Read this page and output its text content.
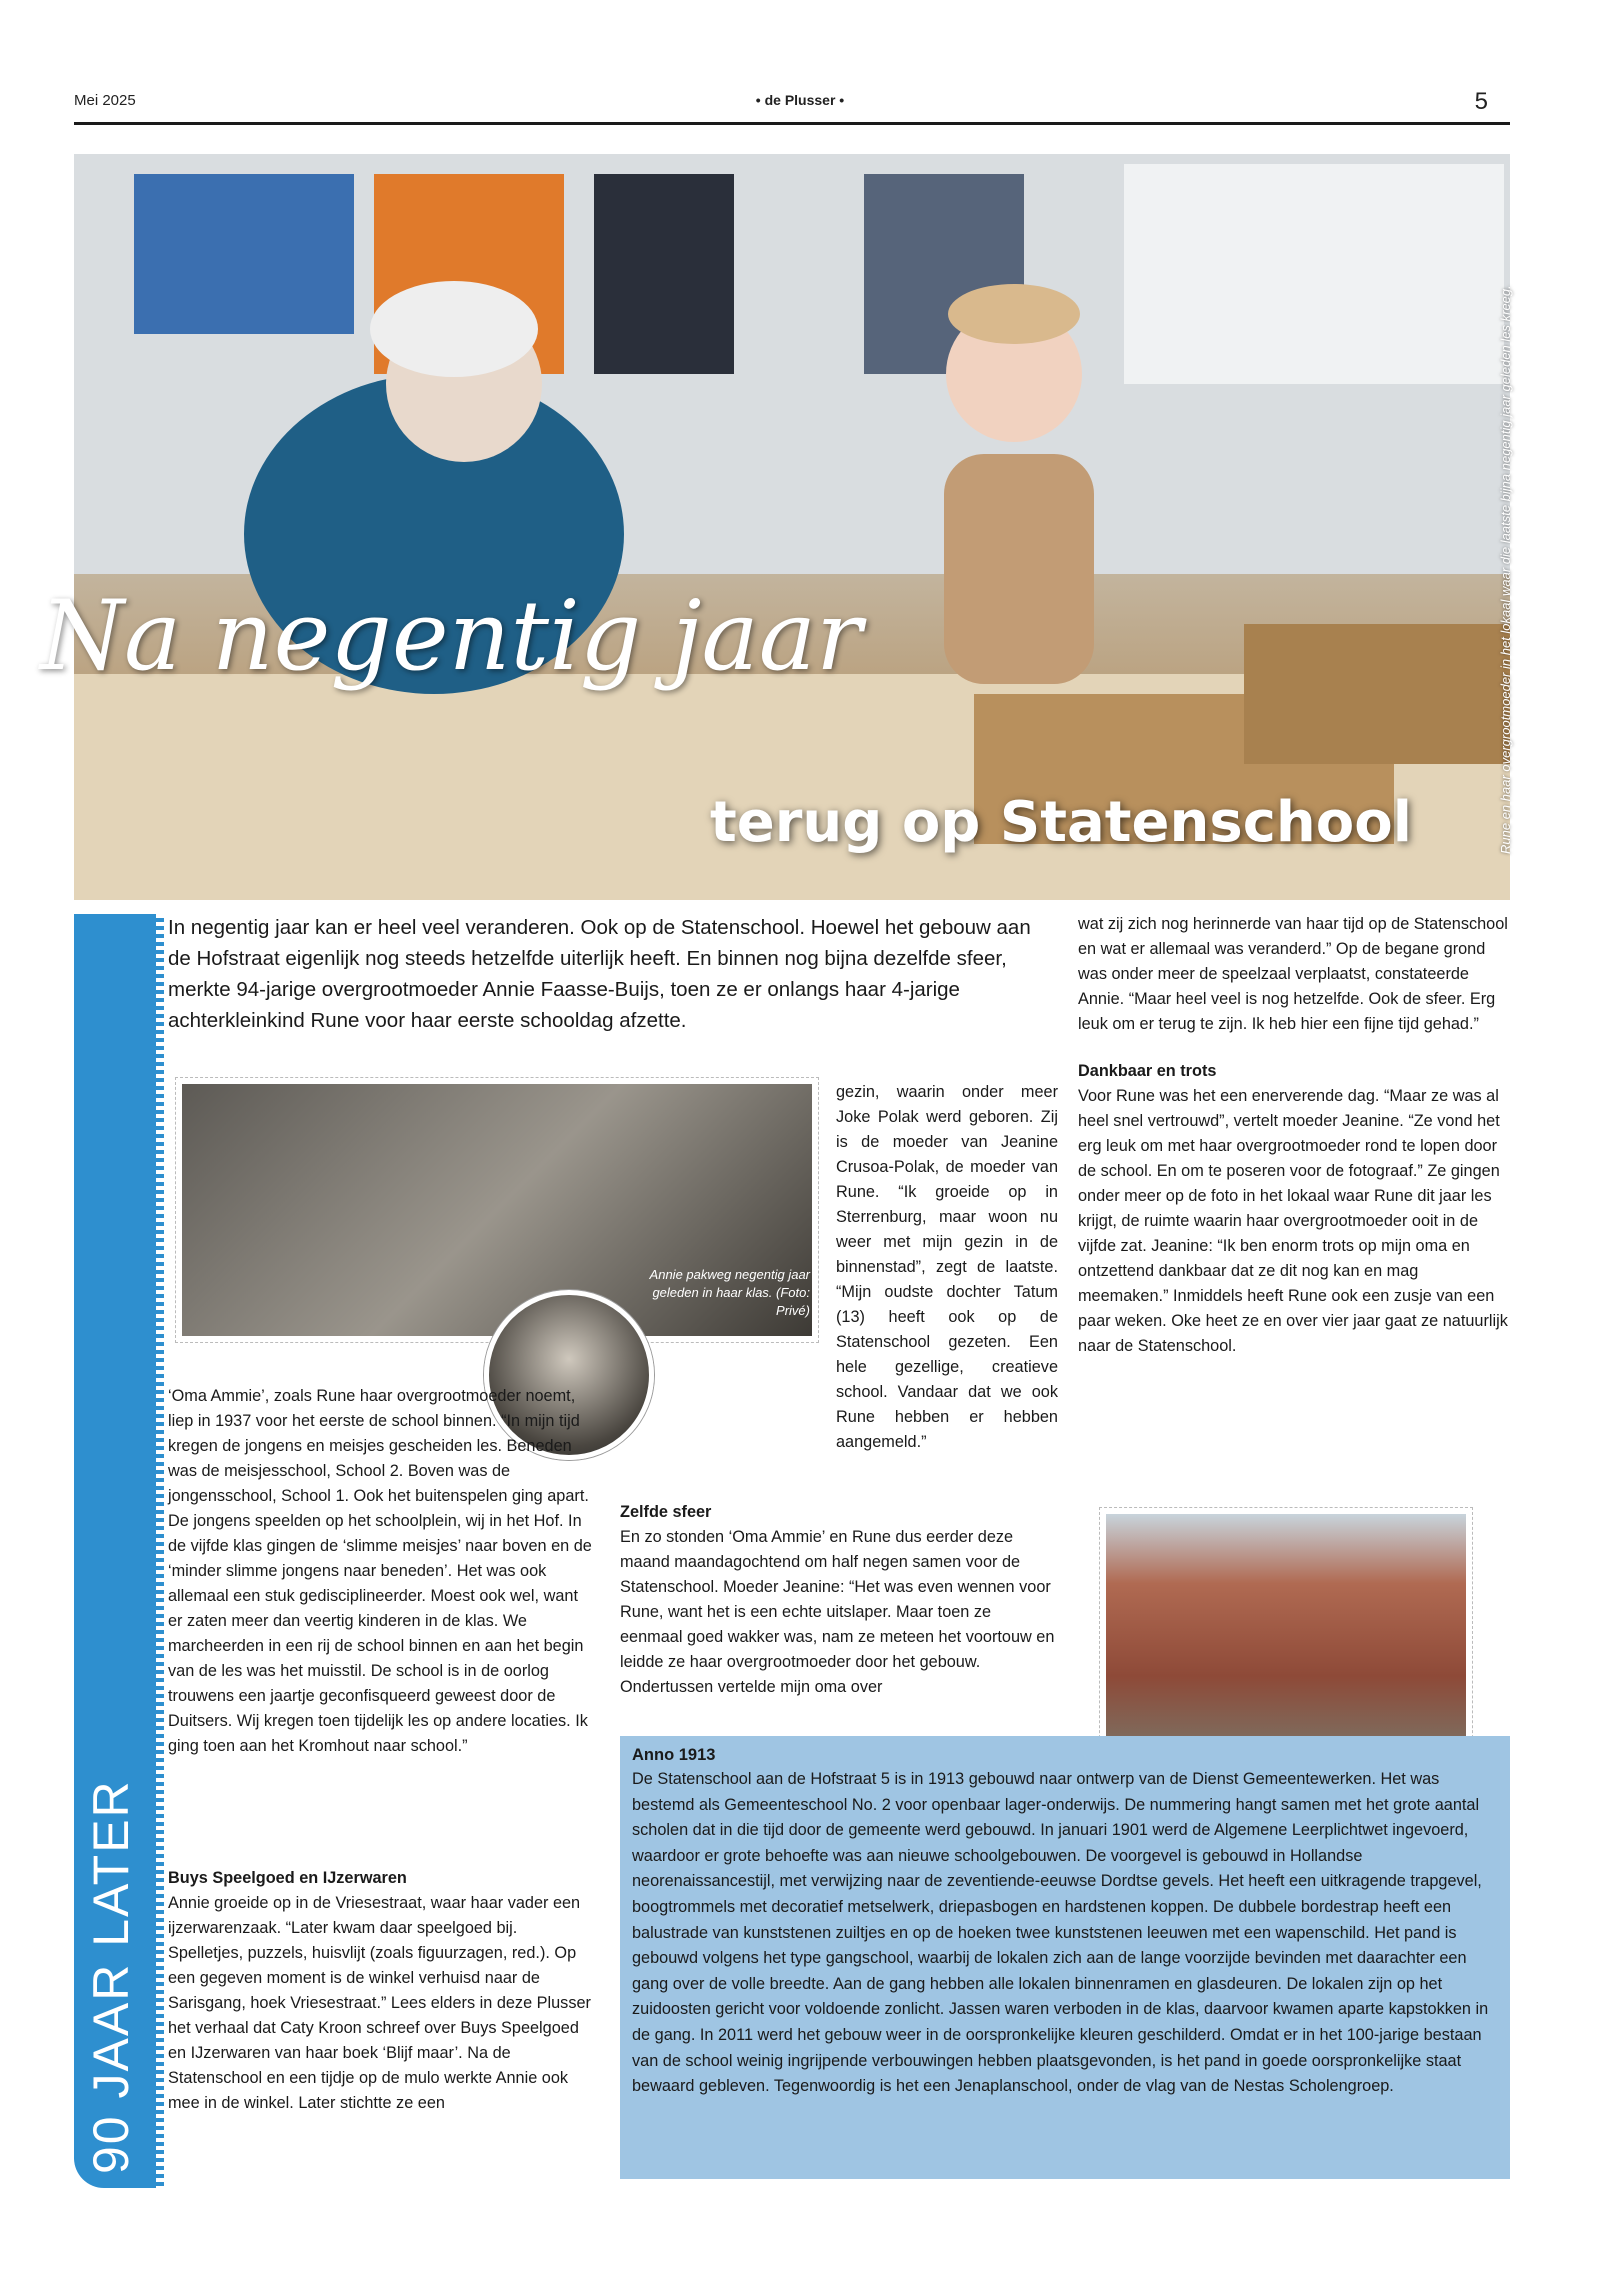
Mei 2025	• de Plusser •	5
Rune en haar overgrootmoeder in het lokaal waar die laatste bijna negentig jaar geleden les kreeg.
Na negentig jaar
terug op Statenschool
90 JAAR LATER
In negentig jaar kan er heel veel veranderen. Ook op de Statenschool. Hoewel het gebouw aan de Hofstraat eigenlijk nog steeds hetzelfde uiterlijk heeft. En binnen nog bijna dezelfde sfeer, merkte 94-jarige overgrootmoeder Annie Faasse-Buijs, toen ze er onlangs haar 4-jarige achterkleinkind Rune voor haar eerste schooldag afzette.
Annie pakweg negentig jaar geleden in haar klas. (Foto: Privé)

‘Oma Ammie’, zoals Rune haar overgrootmoeder noemt, liep in 1937 voor het eerste de school binnen. “In mijn tijd kregen de jongens en meisjes gescheiden les. Beneden was de meisjesschool, School 2. Boven was de jongensschool, School 1. Ook het buitenspelen ging apart. De jongens speelden op het schoolplein, wij in het Hof. In de vijfde klas gingen de ‘slimme meisjes’ naar boven en de ‘minder slimme jongens naar beneden’. Het was ook allemaal een stuk gedisciplineerder. Moest ook wel, want er zaten meer dan veertig kinderen in de klas. We marcheerden in een rij de school binnen en aan het begin van de les was het muisstil. De school is in de oorlog trouwens een jaartje geconfisqueerd geweest door de Duitsers. Wij kregen toen tijdelijk les op andere locaties. Ik ging toen aan het Kromhout naar school.”

Buys Speelgoed en IJzerwaren

Annie groeide op in de Vriesestraat, waar haar vader een ijzerwarenzaak. “Later kwam daar speelgoed bij. Spelletjes, puzzels, huisvlijt (zoals figuurzagen, red.). Op een gegeven moment is de winkel verhuisd naar de Sarisgang, hoek Vriesestraat.” Lees elders in deze Plusser het verhaal dat Caty Kroon schreef over Buys Speelgoed en IJzerwaren van haar boek ‘Blijf maar’. Na de Statenschool en een tijdje op de mulo werkte Annie ook mee in de winkel. Later stichtte ze een

gezin, waarin onder meer Joke Polak werd geboren. Zij is de moeder van Jeanine Crusoa-Polak, de moeder van Rune. “Ik groeide op in Sterrenburg, maar woon nu weer met mijn gezin in de binnenstad”, zegt de laatste. “Mijn oudste dochter Tatum (13) heeft ook op de Statenschool gezeten. Een hele gezellige, creatieve school. Vandaar dat we ook Rune hebben er hebben aangemeld.”

Zelfde sfeer

En zo stonden ‘Oma Ammie’ en Rune dus eerder deze maand maandagochtend om half negen samen voor de Statenschool. Moeder Jeanine: “Het was even wennen voor Rune, want het is een echte uitslaper. Maar toen ze eenmaal goed wakker was, nam ze meteen het voortouw en leidde ze haar overgrootmoeder door het gebouw. Ondertussen vertelde mijn oma over

wat zij zich nog herinnerde van haar tijd op de Statenschool en wat er allemaal was veranderd.” Op de begane grond was onder meer de speelzaal verplaatst, constateerde Annie. “Maar heel veel is nog hetzelfde. Ook de sfeer. Erg leuk om er terug te zijn. Ik heb hier een fijne tijd gehad.”

Dankbaar en trots

Voor Rune was het een enerverende dag. “Maar ze was al heel snel vertrouwd”, vertelt moeder Jeanine. “Ze vond het erg leuk om met haar overgrootmoeder rond te lopen door de school. En om te poseren voor de fotograaf.” Ze gingen onder meer op de foto in het lokaal waar Rune dit jaar les krijgt, de ruimte waarin haar overgrootmoeder ooit in de vijfde zat. Jeanine: “Ik ben enorm trots op mijn oma en ontzettend dankbaar dat ze dit nog kan en mag meemaken.” Inmiddels heeft Rune ook een zusje van een paar weken. Oke heet ze en over vier jaar gaat ze natuurlijk naar de Statenschool.

Anno 1913

De Statenschool aan de Hofstraat 5 is in 1913 gebouwd naar ontwerp van de Dienst Gemeentewerken. Het was bestemd als Gemeenteschool No. 2 voor openbaar lager-onderwijs. De nummering hangt samen met het grote aantal scholen dat in die tijd door de gemeente werd gebouwd. In januari 1901 werd de Algemene Leerplichtwet ingevoerd, waardoor er grote behoefte was aan nieuwe schoolgebouwen. De voorgevel is gebouwd in Hollandse neorenaissancestijl, met verwijzing naar de zeventiende-eeuwse Dordtse gevels. Het heeft een uitkragende trapgevel, boogtrommels met decoratief metselwerk, driepasbogen en hardstenen koppen. De dubbele bordestrap heeft een balustrade van kunststenen zuiltjes en op de hoeken twee kunststenen leeuwen met een wapenschild. Het pand is gebouwd volgens het type gangschool, waarbij de lokalen zich aan de lange voorzijde bevinden met daarachter een gang over de volle breedte. Aan de gang hebben alle lokalen binnenramen en glasdeuren. De lokalen zijn op het zuidoosten gericht voor voldoende zonlicht. Jassen waren verboden in de klas, daarvoor kwamen aparte kapstokken in de gang. In 2011 werd het gebouw weer in de oorspronkelijke kleuren geschilderd. Omdat er in het 100-jarige bestaan van de school weinig ingrijpende verbouwingen hebben plaatsgevonden, is het pand in goede oorspronkelijke staat bewaard gebleven. Tegenwoordig is het een Jenaplanschool, onder de vlag van de Nestas Scholengroep.
